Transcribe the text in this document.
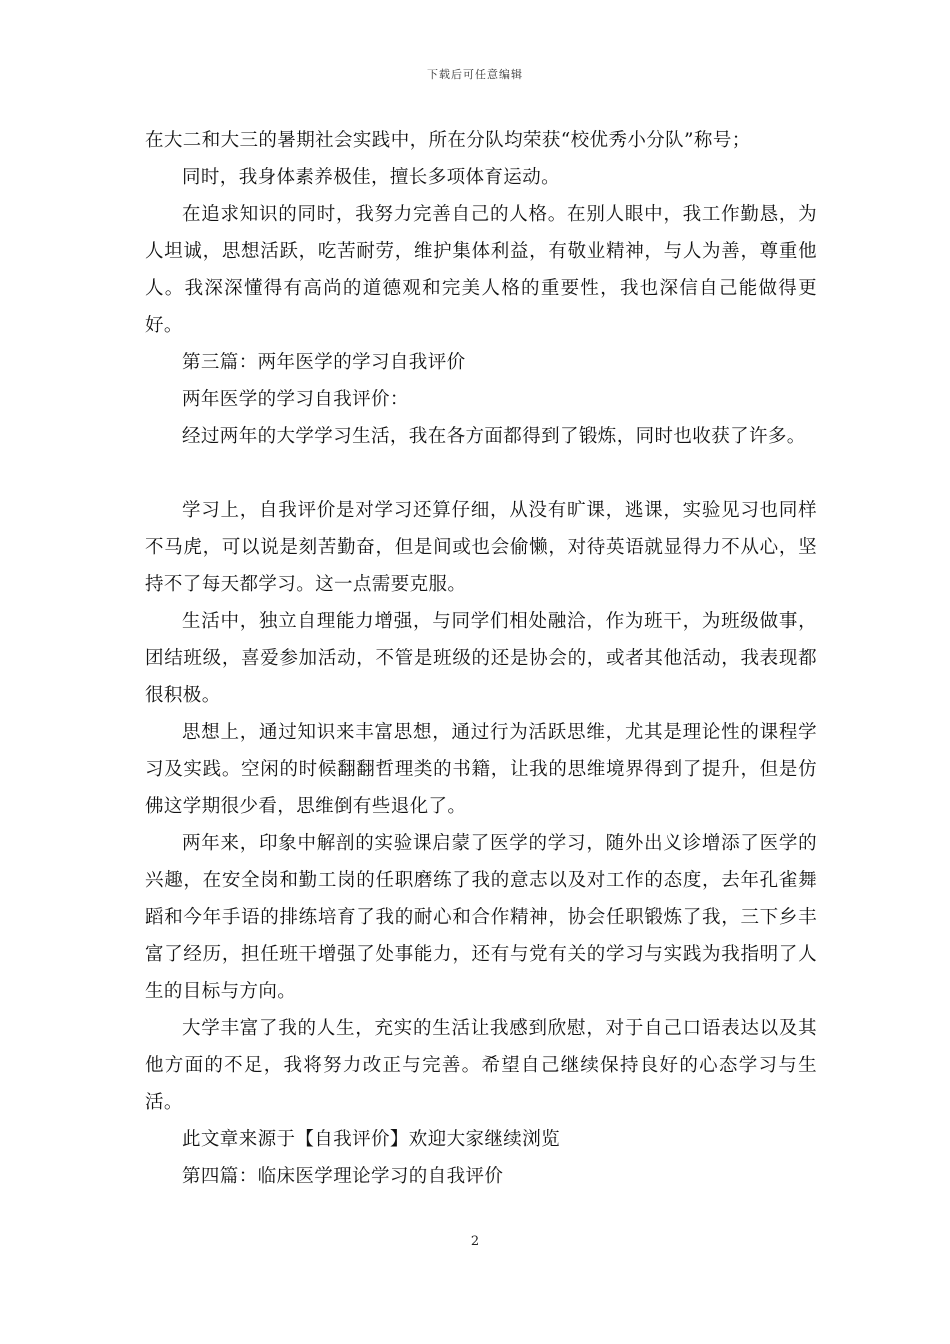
下载后可任意编辑

在大二和大三的暑期社会实践中，所在分队均荣获“校优秀小分队”称号；

同时，我身体素养极佳，擅长多项体育运动。

在追求知识的同时，我努力完善自己的人格。在别人眼中，我工作勤恳，为人坦诚，思想活跃，吃苦耐劳，维护集体利益，有敬业精神，与人为善，尊重他人。我深深懂得有高尚的道德观和完美人格的重要性，我也深信自己能做得更好。

第三篇：两年医学的学习自我评价

两年医学的学习自我评价：

经过两年的大学学习生活，我在各方面都得到了锻炼，同时也收获了许多。

学习上，自我评价是对学习还算仔细，从没有旷课，逃课，实验见习也同样不马虎，可以说是刻苦勤奋，但是间或也会偷懒，对待英语就显得力不从心，坚持不了每天都学习。这一点需要克服。

生活中，独立自理能力增强，与同学们相处融洽，作为班干，为班级做事，团结班级，喜爱参加活动，不管是班级的还是协会的，或者其他活动，我表现都很积极。

思想上，通过知识来丰富思想，通过行为活跃思维，尤其是理论性的课程学习及实践。空闲的时候翻翻哲理类的书籍，让我的思维境界得到了提升，但是仿佛这学期很少看，思维倒有些退化了。

两年来，印象中解剖的实验课启蒙了医学的学习，随外出义诊增添了医学的兴趣，在安全岗和勤工岗的任职磨练了我的意志以及对工作的态度，去年孔雀舞蹈和今年手语的排练培育了我的耐心和合作精神，协会任职锻炼了我，三下乡丰富了经历，担任班干增强了处事能力，还有与党有关的学习与实践为我指明了人生的目标与方向。

大学丰富了我的人生，充实的生活让我感到欣慰，对于自己口语表达以及其他方面的不足，我将努力改正与完善。希望自己继续保持良好的心态学习与生活。

此文章来源于【自我评价】欢迎大家继续浏览

第四篇：临床医学理论学习的自我评价

2
